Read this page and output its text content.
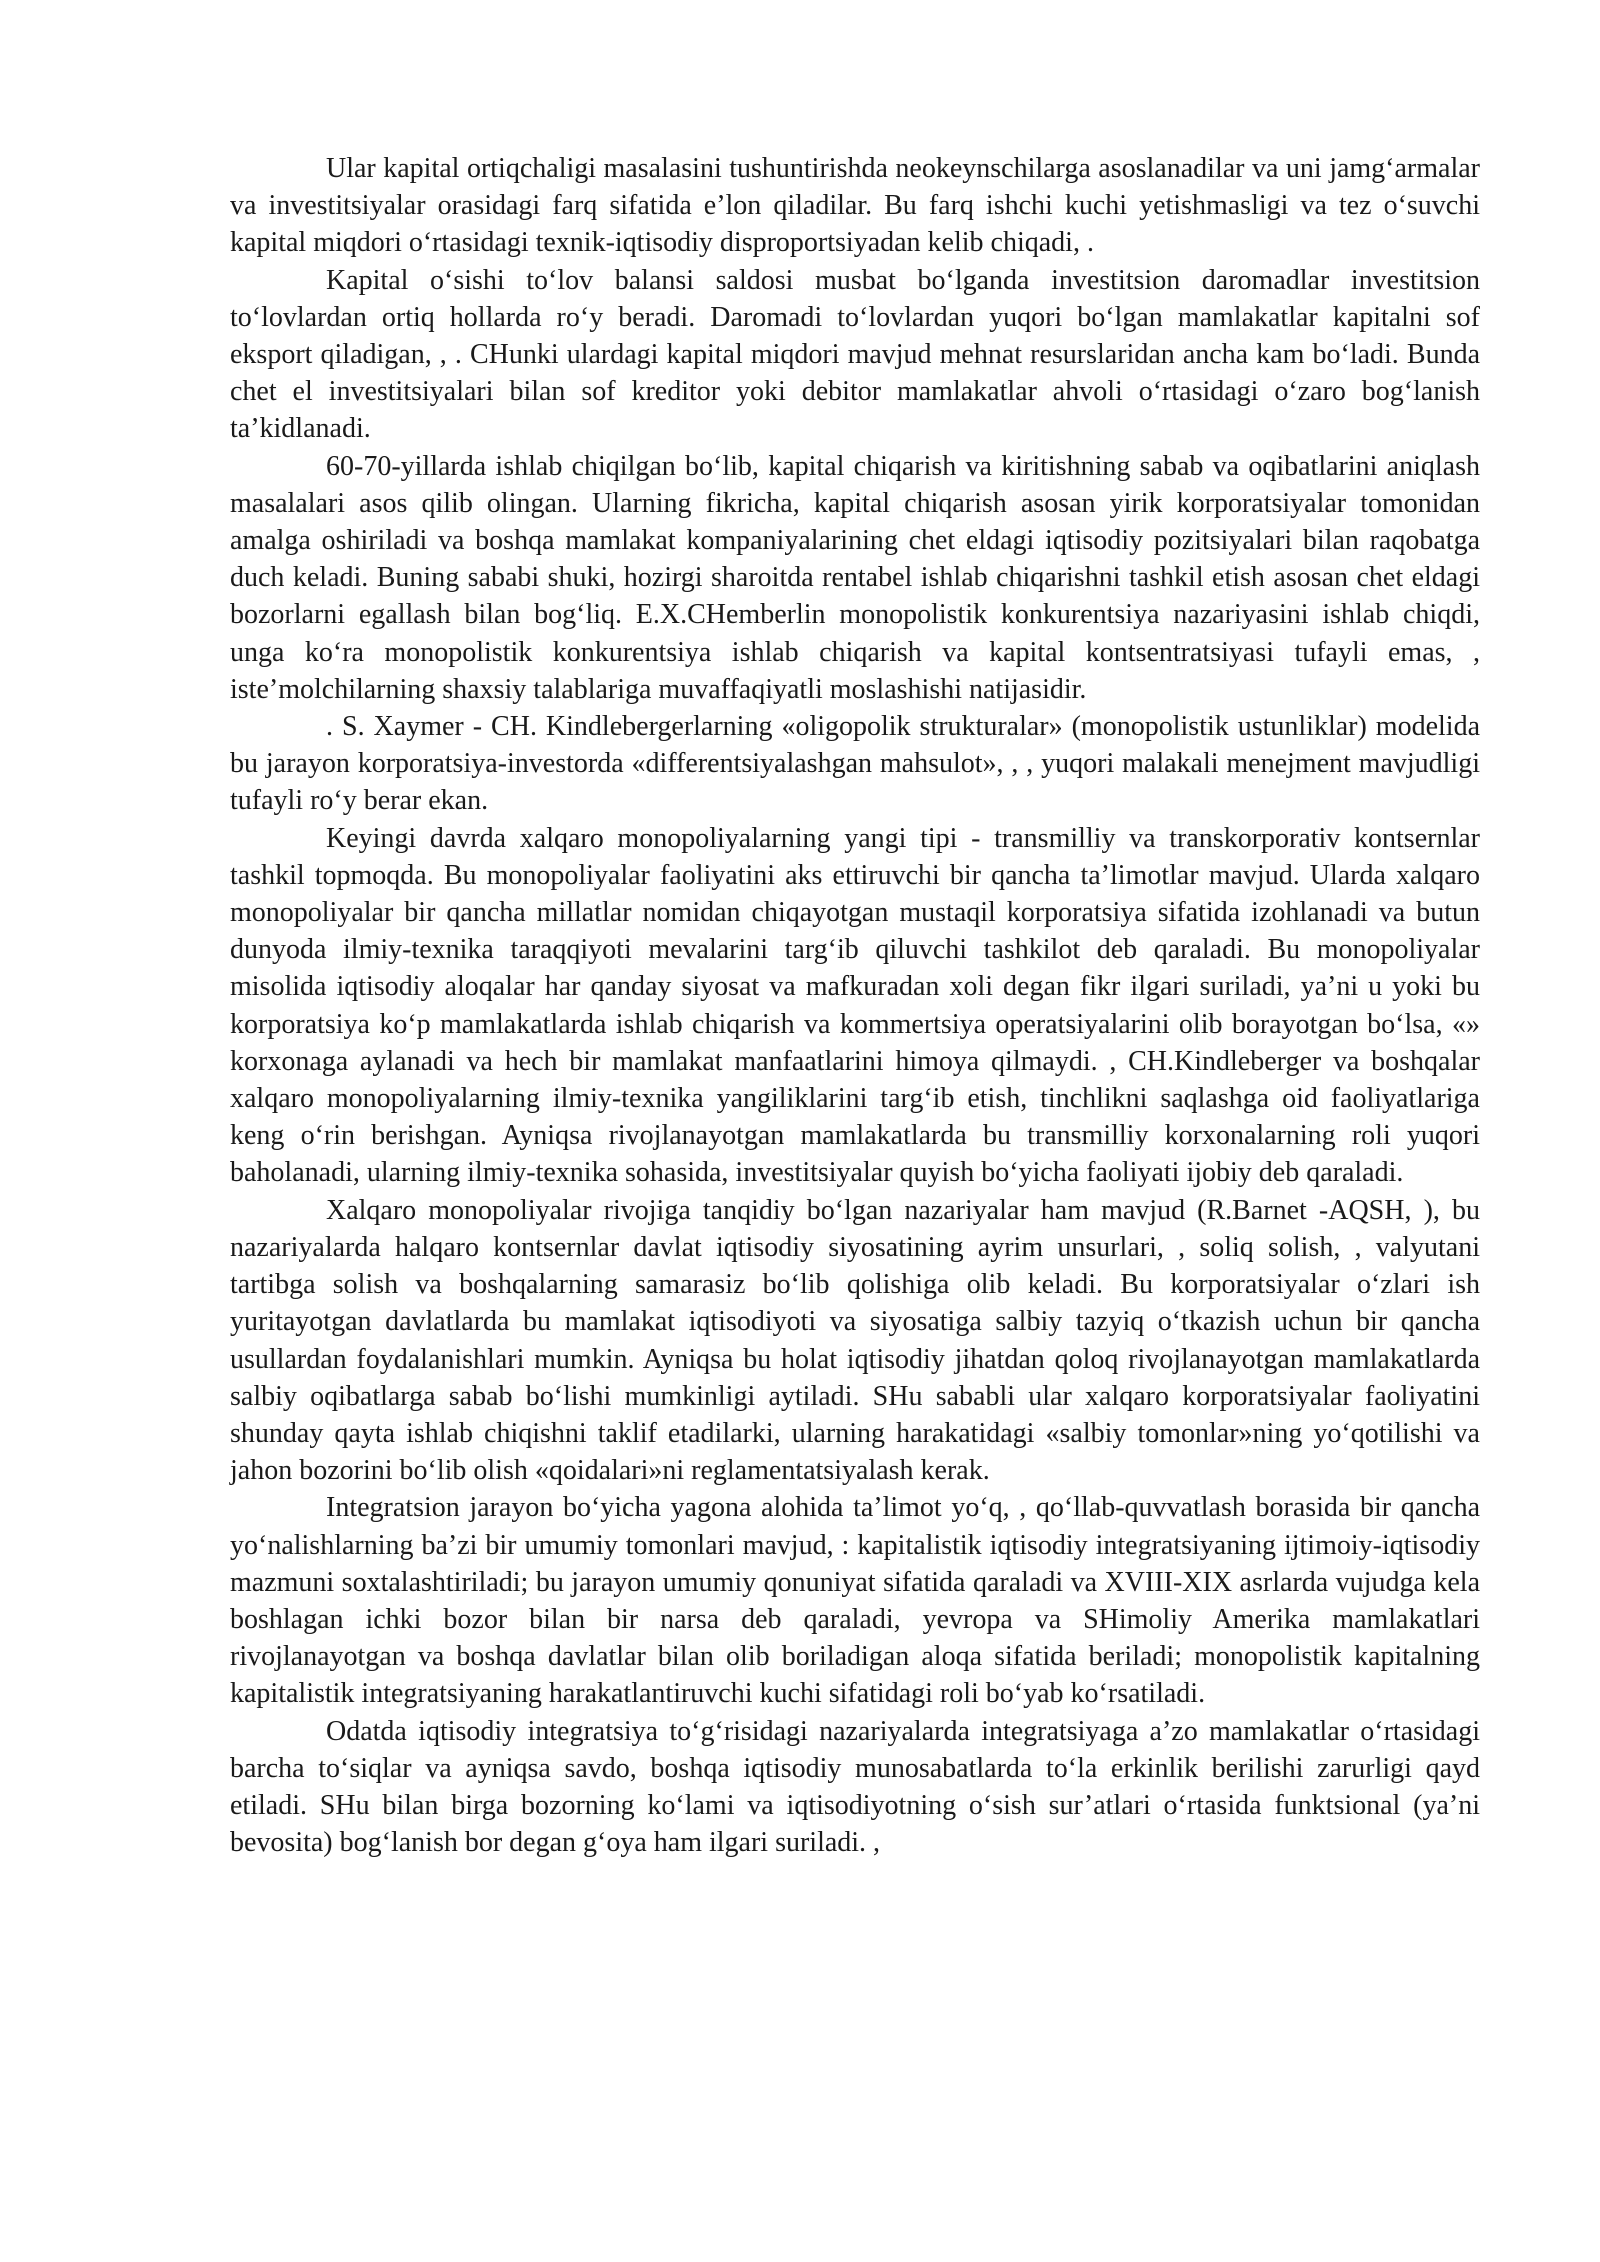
Ular kapital ortiqchaligi masalasini tushuntirishda neokeynschilarga asoslanadilar va uni jamg‘armalar va investitsiyalar orasidagi farq sifatida e’lon qiladilar. Bu farq ishchi kuchi yetishmasligi va tez o‘suvchi kapital miqdori o‘rtasidagi texnik-iqtisodiy disproportsiyadan kelib chiqadi, .

Kapital o‘sishi to‘lov balansi saldosi musbat bo‘lganda investitsion daromadlar investitsion to‘lovlardan ortiq hollarda ro‘y beradi. Daromadi to‘lovlardan yuqori bo‘lgan mamlakatlar kapitalni sof eksport qiladigan, , . CHunki ulardagi kapital miqdori mavjud mehnat resurslaridan ancha kam bo‘ladi. Bunda chet el investitsiyalari bilan sof kreditor yoki debitor mamlakatlar ahvoli o‘rtasidagi o‘zaro bog‘lanish ta’kidlanadi.

60-70-yillarda ishlab chiqilgan bo‘lib, kapital chiqarish va kiritishning sabab va oqibatlarini aniqlash masalalari asos qilib olingan. Ularning fikricha, kapital chiqarish asosan yirik korporatsiyalar tomonidan amalga oshiriladi va boshqa mamlakat kompaniyalarining chet eldagi iqtisodiy pozitsiyalari bilan raqobatga duch keladi. Buning sababi shuki, hozirgi sharoitda rentabel ishlab chiqarishni tashkil etish asosan chet eldagi bozorlarni egallash bilan bog‘liq. E.X.CHemberlin monopolistik konkurentsiya nazariyasini ishlab chiqdi, unga ko‘ra monopolistik konkurentsiya ishlab chiqarish va kapital kontsentratsiyasi tufayli emas, , iste’molchilarning shaxsiy talablariga muvaffaqiyatli moslashishi natijasidir.

. S. Xaymer - CH. Kindlebergerlarning «oligopolik strukturalar» (monopolistik ustunliklar) modelida bu jarayon korporatsiya-investorda «differentsiyalashgan mahsulot», , , yuqori malakali menejment mavjudligi tufayli ro‘y berar ekan.

Keyingi davrda xalqaro monopoliyalarning yangi tipi - transmilliy va transkorporativ kontsernlar tashkil topmoqda. Bu monopoliyalar faoliyatini aks ettiruvchi bir qancha ta’limotlar mavjud. Ularda xalqaro monopoliyalar bir qancha millatlar nomidan chiqayotgan mustaqil korporatsiya sifatida izohlanadi va butun dunyoda ilmiy-texnika taraqqiyoti mevalarini targ‘ib qiluvchi tashkilot deb qaraladi. Bu monopoliyalar misolida iqtisodiy aloqalar har qanday siyosat va mafkuradan xoli degan fikr ilgari suriladi, ya’ni u yoki bu korporatsiya ko‘p mamlakatlarda ishlab chiqarish va kommertsiya operatsiyalarini olib borayotgan bo‘lsa, «» korxonaga aylanadi va hech bir mamlakat manfaatlarini himoya qilmaydi. , CH.Kindleberger va boshqalar xalqaro monopoliyalarning ilmiy-texnika yangiliklarini targ‘ib etish, tinchlikni saqlashga oid faoliyatlariga keng o‘rin berishgan. Ayniqsa rivojlanayotgan mamlakatlarda bu transmilliy korxonalarning roli yuqori baholanadi, ularning ilmiy-texnika sohasida, investitsiyalar quyish bo‘yicha faoliyati ijobiy deb qaraladi.

Xalqaro monopoliyalar rivojiga tanqidiy bo‘lgan nazariyalar ham mavjud (R.Barnet -AQSH, ), bu nazariyalarda halqaro kontsernlar davlat iqtisodiy siyosatining ayrim unsurlari, , soliq solish, , valyutani tartibga solish va boshqalarning samarasiz bo‘lib qolishiga olib keladi. Bu korporatsiyalar o‘zlari ish yuritayotgan davlatlarda bu mamlakat iqtisodiyoti va siyosatiga salbiy tazyiq o‘tkazish uchun bir qancha usullardan foydalanishlari mumkin. Ayniqsa bu holat iqtisodiy jihatdan qoloq rivojlanayotgan mamlakatlarda salbiy oqibatlarga sabab bo‘lishi mumkinligi aytiladi. SHu sababli ular xalqaro korporatsiyalar faoliyatini shunday qayta ishlab chiqishni taklif etadilarki, ularning harakatidagi «salbiy tomonlar»ning yo‘qotilishi va jahon bozorini bo‘lib olish «qoidalari»ni reglamentatsiyalash kerak.

Integratsion jarayon bo‘yicha yagona alohida ta’limot yo‘q, , qo‘llab-quvvatlash borasida bir qancha yo‘nalishlarning ba’zi bir umumiy tomonlari mavjud, : kapitalistik iqtisodiy integratsiyaning ijtimoiy-iqtisodiy mazmuni soxtalashtiriladi; bu jarayon umumiy qonuniyat sifatida qaraladi va XVIII-XIX asrlarda vujudga kela boshlagan ichki bozor bilan bir narsa deb qaraladi, yevropa va SHimoliy Amerika mamlakatlari rivojlanayotgan va boshqa davlatlar bilan olib boriladigan aloqa sifatida beriladi; monopolistik kapitalning kapitalistik integratsiyaning harakatlantiruvchi kuchi sifatidagi roli bo‘yab ko‘rsatiladi.

Odatda iqtisodiy integratsiya to‘g‘risidagi nazariyalarda integratsiyaga a’zo mamlakatlar o‘rtasidagi barcha to‘siqlar va ayniqsa savdo, boshqa iqtisodiy munosabatlarda to‘la erkinlik berilishi zarurligi qayd etiladi. SHu bilan birga bozorning ko‘lami va iqtisodiyotning o‘sish sur’atlari o‘rtasida funktsional (ya’ni bevosita) bog‘lanish bor degan g‘oya ham ilgari suriladi. ,
